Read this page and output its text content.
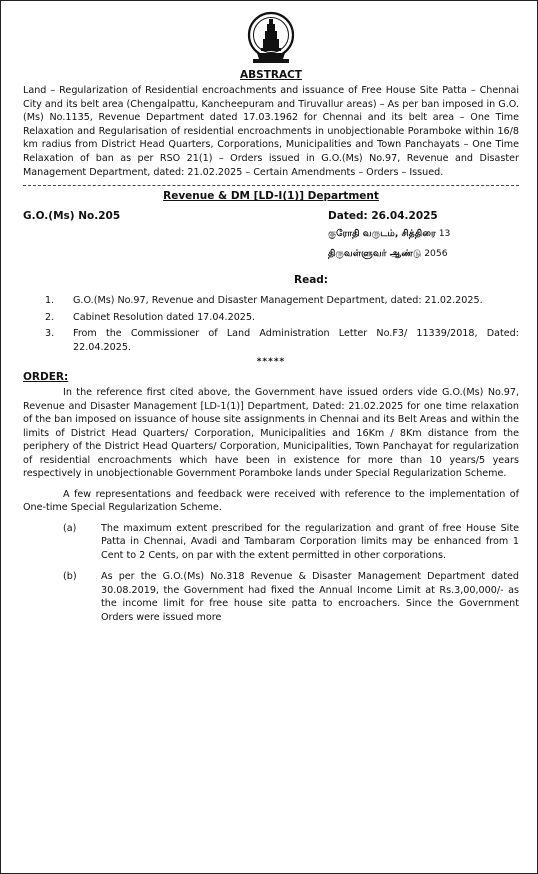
ABSTRACT

Land – Regularization of Residential encroachments and issuance of Free House Site Patta – Chennai City and its belt area (Chengalpattu, Kancheepuram and Tiruvallur areas) – As per ban imposed in G.O.(Ms) No.1135, Revenue Department dated 17.03.1962 for Chennai and its belt area – One Time Relaxation and Regularisation of residential encroachments in unobjectionable Poramboke within 16/8 km radius from District Head Quarters, Corporations, Municipalities and Town Panchayats – One Time Relaxation of ban as per RSO 21(1) – Orders issued in G.O.(Ms) No.97, Revenue and Disaster Management Department, dated: 21.02.2025 – Certain Amendments – Orders – Issued.

Revenue & DM [LD-I(1)] Department
G.O.(Ms) No.205	Dated: 26.04.2025
குரோதி வருடம், சித்திரை 13
திருவள்ளுவர் ஆண்டு 2056
Read:
1.	G.O.(Ms) No.97, Revenue and Disaster Management Department, dated: 21.02.2025.
2.	Cabinet Resolution dated 17.04.2025.
3.	From the Commissioner of Land Administration Letter No.F3/ 11339/2018, Dated: 22.04.2025.
*****
ORDER:

In the reference first cited above, the Government have issued orders vide G.O.(Ms) No.97, Revenue and Disaster Management [LD-1(1)] Department, Dated: 21.02.2025 for one time relaxation of the ban imposed on issuance of house site assignments in Chennai and its Belt Areas and within the limits of District Head Quarters/ Corporation, Municipalities and 16Km / 8Km distance from the periphery of the District Head Quarters/ Corporation, Municipalities, Town Panchayat for regularization of residential encroachments which have been in existence for more than 10 years/5 years respectively in unobjectionable Government Poramboke lands under Special Regularization Scheme.

A few representations and feedback were received with reference to the implementation of One-time Special Regularization Scheme.

(a)	The maximum extent prescribed for the regularization and grant of free House Site Patta in Chennai, Avadi and Tambaram Corporation limits may be enhanced from 1 Cent to 2 Cents, on par with the extent permitted in other corporations.
(b)	As per the G.O.(Ms) No.318 Revenue & Disaster Management Department dated 30.08.2019, the Government had fixed the Annual Income Limit at Rs.3,00,000/- as the income limit for free house site patta to encroachers. Since the Government Orders were issued more
